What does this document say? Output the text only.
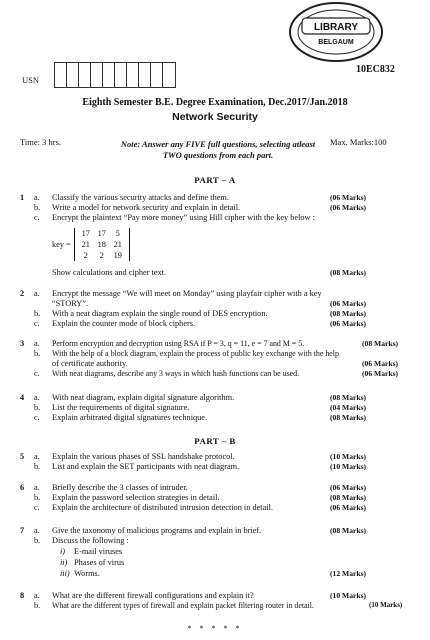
LIBRARY
BELGAUM
USN
10EC832
Eighth Semester B.E. Degree Examination, Dec.2017/Jan.2018
Network Security
Time: 3 hrs.	Note: Answer any FIVE full questions, selecting atleast TWO questions from each part.
Max. Marks:100
PART – A
1 a. Classify the various security attacks and define them.	(06 Marks)
b. Write a model for network security and explain in detail.	(06 Marks)
c. Encrypt the plaintext “Pay more money” using Hill cipher with the key below :
key =
17 17	5
21 18 21
2	2	19
Show calculations and cipher text.	(08 Marks)
2 a. Encrypt the message “We will meet on Monday” using playfair cipher with a key
“STORY”.	(06 Marks)
b. With a neat diagram explain the single round of DES encryption.	(08 Marks)
c. Explain the counter mode of block ciphers.	(06 Marks)
3 a. Perform encryption and decryption using RSA if P = 3, q = 11, e = 7 and M = 5.	(08 Marks)
b. With the help of a block diagram, explain the process of public key exchange with the help
of certificate authority.	(06 Marks)
c. With neat diagrams, describe any 3 ways in which hash functions can be used.	(06 Marks)
4 a. With neat diagram, explain digital signature algorithm.	(08 Marks)
b. List the requirements of digital signature.	(04 Marks)
c. Explain arbitrated digital signatures technique.	(08 Marks)
PART – B
5 a. Explain the various phases of SSL handshake protocol.	(10 Marks)
b. List and explain the SET participants with neat diagram.	(10 Marks)
6 a. Briefly describe the 3 classes of intruder.	(06 Marks)
b. Explain the password selection strategies in detail.	(08 Marks)
c. Explain the architecture of distributed intrusion detection in detail.	(06 Marks)
7 a. Give the taxonomy of malicious programs and explain in brief.	(08 Marks)
b. Discuss the following :
i) E-mail viruses
ii) Phases of virus
iii) Worms.	(12 Marks)
8 a. What are the different firewall configurations and explain it?	(10 Marks)
b. What are the different types of firewall and explain packet filtering router in detail.	(10 Marks)
* * * * *
